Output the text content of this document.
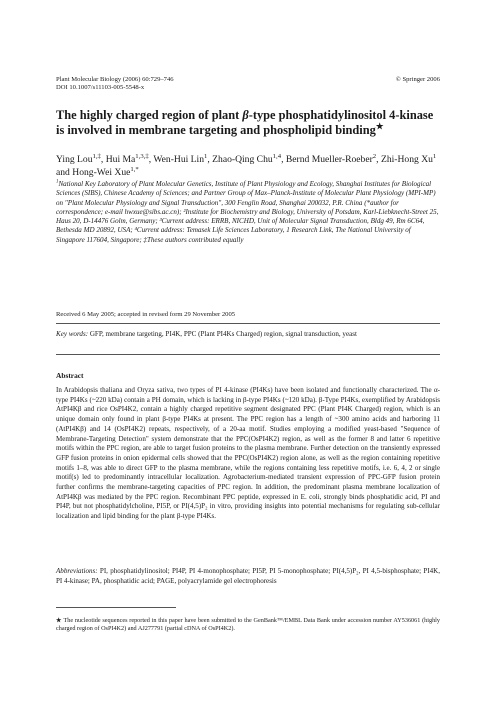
Plant Molecular Biology (2006) 60:729–746
DOI 10.1007/s11103-005-5548-x
© Springer 2006
The highly charged region of plant β-type phosphatidylinositol 4-kinase is involved in membrane targeting and phospholipid binding★
Ying Lou$^{1,\ddagger}$, Hui $Ma^{1,3,\ddagger}$, Wen-Hui Lin$^1$, Zhao-Qing Chu$^{1,4}$, Bernd Mueller-Roeber$^2$, Zhi-Hong Xu$^1$ and Hong-Wei Xue$^{1,*}$
$^1$National Key Laboratory of Plant Molecular Genetics, Institute of Plant Physiology and Ecology, Shanghai Institutes for Biological Sciences (SIBS), Chinese Academy of Sciences; and Partner Group of Max–Planck-Institute of Molecular Plant Physiology (MPI-MP) on "Plant Molecular Physiology and Signal Transduction", 300 Fenglin Road, Shanghai 200032, P.R. China (*author for correspondence; e-mail hwxue@sibs.ac.cn); ²Institute for Biochemistry and Biology, University of Potsdam, Karl-Liebknecht-Street 25, Haus 20, D-14476 Golm, Germany; ³Current address: ERRB, NICHD, Unit of Molecular Signal Transduction, Bldg 49, Rm 6C64, Bethesda MD 20892, USA; ⁴Current address: Temasek Life Sciences Laboratory, 1 Research Link, The National University of Singapore 117604, Singapore; ‡These authors contributed equally
Received 6 May 2005; accepted in revised form 29 November 2005
Key words: GFP, membrane targeting, PI4K, PPC (Plant PI4Ks Charged) region, signal transduction, yeast
Abstract
In Arabidopsis thaliana and Oryza sativa, two types of PI 4-kinase (PI4Ks) have been isolated and functionally characterized. The α-type PI4Ks (~220 kDa) contain a PH domain, which is lacking in β-type PI4Ks (~120 kDa). β-Type PI4Ks, exemplified by Arabidopsis AtPI4Kβ and rice OsPI4K2, contain a highly charged repetitive segment designated PPC (Plant PI4K Charged) region, which is an unique domain only found in plant β-type PI4Ks at present. The PPC region has a length of ~300 amino acids and harboring 11 (AtPI4Kβ) and 14 (OsPI4K2) repeats, respectively, of a 20-aa motif. Studies employing a modified yeast-based "Sequence of Membrane-Targeting Detection" system demonstrate that the PPC(OsPI4K2) region, as well as the former 8 and latter 6 repetitive motifs within the PPC region, are able to target fusion proteins to the plasma membrane. Further detection on the transiently expressed GFP fusion proteins in onion epidermal cells showed that the PPC(OsPI4K2) region alone, as well as the region containing repetitive motifs 1–8, was able to direct GFP to the plasma membrane, while the regions containing less repetitive motifs, i.e. 6, 4, 2 or single motif(s) led to predominantly intracellular localization. Agrobacterium-mediated transient expression of PPC-GFP fusion protein further confirms the membrane-targeting capacities of PPC region. In addition, the predominant plasma membrane localization of AtPI4Kβ was mediated by the PPC region. Recombinant PPC peptide, expressed in E. coli, strongly binds phosphatidic acid, PI and PI4P, but not phosphatidylcholine, PI5P, or PI(4,5)P₂ in vitro, providing insights into potential mechanisms for regulating sub-cellular localization and lipid binding for the plant β-type PI4Ks.
Abbreviations: PI, phosphatidylinositol; PI4P, PI 4-monophosphate; PI5P, PI 5-monophosphate; PI(4,5)P₂, PI 4,5-bisphosphate; PI4K, PI 4-kinase; PA, phosphatidic acid; PAGE, polyacrylamide gel electrophoresis
★ The nucleotide sequences reported in this paper have been submitted to the GenBank™/EMBL Data Bank under accession number AY536061 (highly charged region of OsPI4K2) and AJ277791 (partial cDNA of OsPI4K2).
